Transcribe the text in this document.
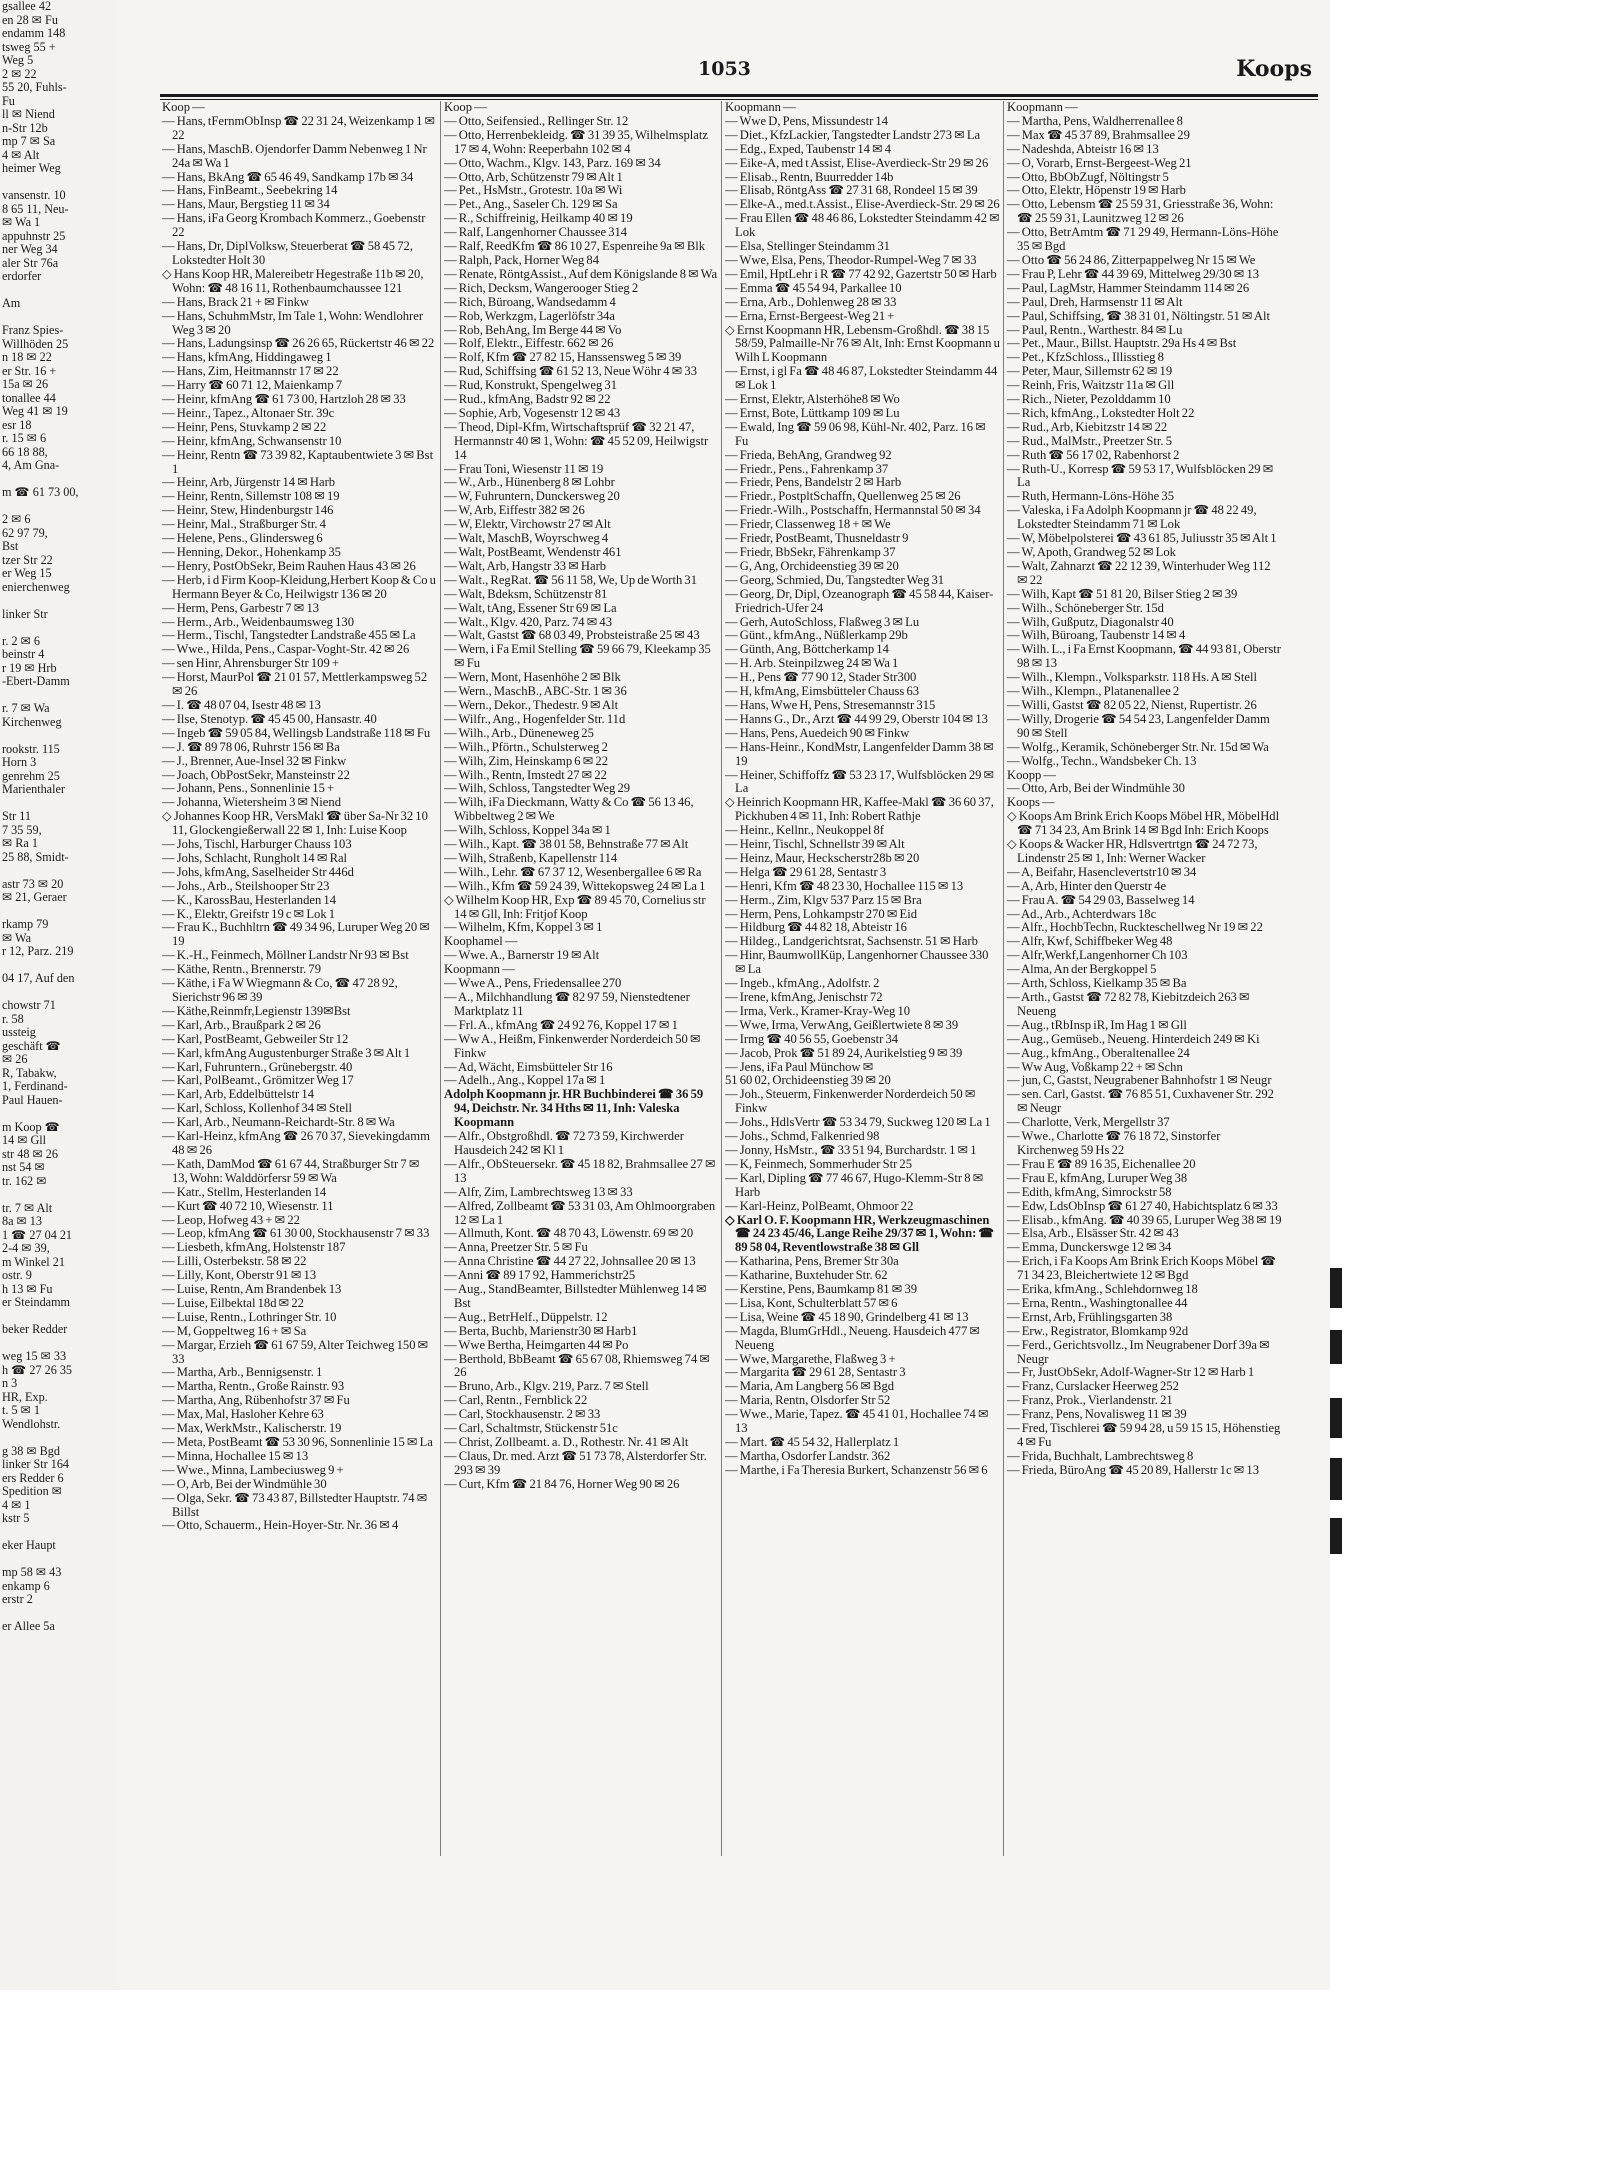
gsallee 42
en 28 ✉ Fu
endamm 148
tsweg 55 +
Weg 5
2 ✉ 22
55 20, Fuhls-
Fu
ll ✉ Niend
n-Str 12b
mp 7 ✉ Sa
4 ✉ Alt
heimer Weg
vansenstr. 10
8 65 11, Neu-
✉ Wa 1
appuhnstr 25
ner Weg 34
aler Str 76a
erdorfer
Am
Franz Spies-
Willhöden 25
n 18 ✉ 22
er Str. 16 +
15a ✉ 26
tonallee 44
Weg 41 ✉ 19
esr 18
r. 15 ✉ 6
66 18 88,
4, Am Gna-
m ☎ 61 73 00,
2 ✉ 6
62 97 79,
Bst
tzer Str 22
er Weg 15
enierchenweg
linker Str
r. 2 ✉ 6
beinstr 4
r 19 ✉ Hrb
-Ebert-Damm
r. 7 ✉ Wa
Kirchenweg
rookstr. 115
Horn 3
genrehm 25
Marienthaler
Str 11
7 35 59,
✉ Ra 1
25 88, Smidt-
astr 73 ✉ 20
✉ 21, Geraer
rkamp 79
✉ Wa
r 12, Parz. 219
04 17, Auf den
chowstr 71
r. 58
ussteig
geschäft ☎
✉ 26
R, Tabakw,
1, Ferdinand-
Paul Hauen-
m Koop ☎
14 ✉ Gll
str 48 ✉ 26
nst 54 ✉
tr. 162 ✉
tr. 7 ✉ Alt
8a ✉ 13
1 ☎ 27 04 21
2-4 ✉ 39,
m Winkel 21
ostr. 9
h 13 ✉ Fu
er Steindamm
beker Redder
weg 15 ✉ 33
h ☎ 27 26 35
n 3
HR, Exp.
t. 5 ✉ 1
Wendlohstr.
g 38 ✉ Bgd
linker Str 164
ers Redder 6
Spedition ✉
4 ✉ 1
kstr 5
eker Haupt
mp 58 ✉ 43
enkamp 6
erstr 2
er Allee 5a
1053	Koops
Koop —
— Hans, tFernmObInsp ☎ 22 31 24, Weizenkamp 1 ✉ 22
— Hans, MaschB. Ojendorfer Damm Nebenweg 1 Nr 24a ✉ Wa 1
— Hans, BkAng ☎ 65 46 49, Sandkamp 17b ✉ 34
— Hans, FinBeamt., Seebekring 14
— Hans, Maur, Bergstieg 11 ✉ 34
— Hans, iFa Georg Krombach Kommerz., Goebenstr 22
— Hans, Dr, DiplVolksw, Steuerberat ☎ 58 45 72, Lokstedter Holt 30
◇ Hans Koop HR, Malereibetr Hegestraße 11b ✉ 20, Wohn: ☎ 48 16 11, Rothenbaumchaussee 121
— Hans, Brack 21 + ✉ Finkw
— Hans, SchuhmMstr, Im Tale 1, Wohn: Wendlohrer Weg 3 ✉ 20
— Hans, Ladungsinsp ☎ 26 26 65, Rückertstr 46 ✉ 22
— Hans, kfmAng, Hiddingaweg 1
— Hans, Zim, Heitmannstr 17 ✉ 22
— Harry ☎ 60 71 12, Maienkamp 7
— Heinr, kfmAng ☎ 61 73 00, Hartzloh 28 ✉ 33
— Heinr., Tapez., Altonaer Str. 39c
— Heinr, Pens, Stuvkamp 2 ✉ 22
— Heinr, kfmAng, Schwansenstr 10
— Heinr, Rentn ☎ 73 39 82, Kaptaubentwiete 3 ✉ Bst 1
— Heinr, Arb, Jürgenstr 14 ✉ Harb
— Heinr, Rentn, Sillemstr 108 ✉ 19
— Heinr, Stew, Hindenburgstr 146
— Heinr, Mal., Straßburger Str. 4
— Helene, Pens., Glindersweg 6
— Henning, Dekor., Hohenkamp 35
— Henry, PostObSekr, Beim Rauhen Haus 43 ✉ 26
— Herb, i d Firm Koop-Kleidung,Herbert Koop & Co u Hermann Beyer & Co, Heilwigstr 136 ✉ 20
— Herm, Pens, Garbestr 7 ✉ 13
— Herm., Arb., Weidenbaumsweg 130
— Herm., Tischl, Tangstedter Landstraße 455 ✉ La
— Wwe., Hilda, Pens., Caspar-Voght-Str. 42 ✉ 26
— sen Hinr, Ahrensburger Str 109 +
— Horst, MaurPol ☎ 21 01 57, Mettlerkampsweg 52 ✉ 26
— I. ☎ 48 07 04, Isestr 48 ✉ 13
— Ilse, Stenotyp. ☎ 45 45 00, Hansastr. 40
— Ingeb ☎ 59 05 84, Wellingsb Landstraße 118 ✉ Fu
— J. ☎ 89 78 06, Ruhrstr 156 ✉ Ba
— J., Brenner, Aue-Insel 32 ✉ Finkw
— Joach, ObPostSekr, Mansteinstr 22
— Johann, Pens., Sonnenlinie 15 +
— Johanna, Wietersheim 3 ✉ Niend
◇ Johannes Koop HR, VersMakl ☎ über Sa-Nr 32 10 11, Glockengießerwall 22 ✉ 1, Inh: Luise Koop
— Johs, Tischl, Harburger Chauss 103
— Johs, Schlacht, Rungholt 14 ✉ Ral
— Johs, kfmAng, Saselheider Str 446d
— Johs., Arb., Steilshooper Str 23
— K., KarossBau, Hesterlanden 14
— K., Elektr, Greifstr 19 c ✉ Lok 1
— Frau K., Buchhltrn ☎ 49 34 96, Luruper Weg 20 ✉ 19
— K.-H., Feinmech, Möllner Landstr Nr 93 ✉ Bst
— Käthe, Rentn., Brennerstr. 79
— Käthe, i Fa W Wiegmann & Co, ☎ 47 28 92, Sierichstr 96 ✉ 39
— Käthe,Reinmfr,Legienstr 139✉Bst
— Karl, Arb., Braußpark 2 ✉ 26
— Karl, PostBeamt, Gebweiler Str 12
— Karl, kfmAng Augustenburger Straße 3 ✉ Alt 1
— Karl, Fuhruntern., Grünebergstr. 40
— Karl, PolBeamt., Grömitzer Weg 17
— Karl, Arb, Eddelbüttelstr 14
— Karl, Schloss, Kollenhof 34 ✉ Stell
— Karl, Arb., Neumann-Reichardt-Str. 8 ✉ Wa
— Karl-Heinz, kfmAng ☎ 26 70 37, Sievekingdamm 48 ✉ 26
— Kath, DamMod ☎ 61 67 44, Straßburger Str 7 ✉ 13, Wohn: Walddörfersr 59 ✉ Wa
— Katr., Stellm, Hesterlanden 14
— Kurt ☎ 40 72 10, Wiesenstr. 11
— Leop, Hofweg 43 + ✉ 22
— Leop, kfmAng ☎ 61 30 00, Stockhausenstr 7 ✉ 33
— Liesbeth, kfmAng, Holstenstr 187
— Lilli, Osterbekstr. 58 ✉ 22
— Lilly, Kont, Oberstr 91 ✉ 13
— Luise, Rentn, Am Brandenbek 13
— Luise, Eilbektal 18d ✉ 22
— Luise, Rentn., Lothringer Str. 10
— M, Goppeltweg 16 + ✉ Sa
— Margar, Erzieh ☎ 61 67 59, Alter Teichweg 150 ✉ 33
— Martha, Arb., Bennigsenstr. 1
— Martha, Rentn., Große Rainstr. 93
— Martha, Ang, Rübenhofstr 37 ✉ Fu
— Max, Mal, Hasloher Kehre 63
— Max, WerkMstr., Kalischerstr. 19
— Meta, PostBeamt ☎ 53 30 96, Sonnenlinie 15 ✉ La
— Minna, Hochallee 15 ✉ 13
— Wwe., Minna, Lambeciusweg 9 +
— O, Arb, Bei der Windmühle 30
— Olga, Sekr. ☎ 73 43 87, Billstedter Hauptstr. 74 ✉ Billst
— Otto, Schauerm., Hein-Hoyer-Str. Nr. 36 ✉ 4
Koop —
— Otto, Seifensied., Rellinger Str. 12
— Otto, Herrenbekleidg. ☎ 31 39 35, Wilhelmsplatz 17 ✉ 4, Wohn: Reeperbahn 102 ✉ 4
— Otto, Wachm., Klgv. 143, Parz. 169 ✉ 34
— Otto, Arb, Schützenstr 79 ✉ Alt 1
— Pet., HsMstr., Grotestr. 10a ✉ Wi
— Pet., Ang., Saseler Ch. 129 ✉ Sa
— R., Schiffreinig, Heilkamp 40 ✉ 19
— Ralf, Langenhorner Chaussee 314
— Ralf, ReedKfm ☎ 86 10 27, Espenreihe 9a ✉ Blk
— Ralph, Pack, Horner Weg 84
— Renate, RöntgAssist., Auf dem Königslande 8 ✉ Wa
— Rich, Decksm, Wangerooger Stieg 2
— Rich, Büroang, Wandsedamm 4
— Rob, Werkzgm, Lagerlöfstr 34a
— Rob, BehAng, Im Berge 44 ✉ Vo
— Rolf, Elektr., Eiffestr. 662 ✉ 26
— Rolf, Kfm ☎ 27 82 15, Hanssensweg 5 ✉ 39
— Rud, Schiffsing ☎ 61 52 13, Neue Wöhr 4 ✉ 33
— Rud, Konstrukt, Spengelweg 31
— Rud., kfmAng, Badstr 92 ✉ 22
— Sophie, Arb, Vogesenstr 12 ✉ 43
— Theod, Dipl-Kfm, Wirtschaftsprüf ☎ 32 21 47, Hermannstr 40 ✉ 1, Wohn: ☎ 45 52 09, Heilwigstr 14
— Frau Toni, Wiesenstr 11 ✉ 19
— W., Arb., Hünenberg 8 ✉ Lohbr
— W, Fuhruntern, Dunckersweg 20
— W, Arb, Eiffestr 382 ✉ 26
— W, Elektr, Virchowstr 27 ✉ Alt
— Walt, MaschB, Woyrschweg 4
— Walt, PostBeamt, Wendenstr 461
— Walt, Arb, Hangstr 33 ✉ Harb
— Walt., RegRat. ☎ 56 11 58, We, Up de Worth 31
— Walt, Bdeksm, Schützenstr 81
— Walt, tAng, Essener Str 69 ✉ La
— Walt., Klgv. 420, Parz. 74 ✉ 43
— Walt, Gastst ☎ 68 03 49, Probsteistraße 25 ✉ 43
— Wern, i Fa Emil Stelling ☎ 59 66 79, Kleekamp 35 ✉ Fu
— Wern, Mont, Hasenhöhe 2 ✉ Blk
— Wern., MaschB., ABC-Str. 1 ✉ 36
— Wern., Dekor., Thedestr. 9 ✉ Alt
— Wilfr., Ang., Hogenfelder Str. 11d
— Wilh., Arb., Düneneweg 25
— Wilh., Pförtn., Schulsterweg 2
— Wilh, Zim, Heinskamp 6 ✉ 22
— Wilh., Rentn, Imstedt 27 ✉ 22
— Wilh, Schloss, Tangstedter Weg 29
— Wilh, iFa Dieckmann, Watty & Co ☎ 56 13 46, Wibbeltweg 2 ✉ We
— Wilh, Schloss, Koppel 34a ✉ 1
— Wilh., Kapt. ☎ 38 01 58, Behnstraße 77 ✉ Alt
— Wilh, Straßenb, Kapellenstr 114
— Wilh., Lehr. ☎ 67 37 12, Wesenbergallee 6 ✉ Ra
— Wilh., Kfm ☎ 59 24 39, Wittekopsweg 24 ✉ La 1
◇ Wilhelm Koop HR, Exp ☎ 89 45 70, Cornelius str 14 ✉ Gll, Inh: Fritjof Koop
— Wilhelm, Kfm, Koppel 3 ✉ 1
Koophamel —
— Wwe. A., Barnerstr 19 ✉ Alt
Koopmann —
— Wwe A., Pens, Friedensallee 270
— A., Milchhandlung ☎ 82 97 59, Nienstedtener Marktplatz 11
— Frl. A., kfmAng ☎ 24 92 76, Koppel 17 ✉ 1
— Ww A., Heißm, Finkenwerder Norderdeich 50 ✉ Finkw
— Ad, Wächt, Eimsbütteler Str 16
— Adelh., Ang., Koppel 17a ✉ 1
Adolph Koopmann jr. HR Buchbinderei ☎ 36 59 94, Deichstr. Nr. 34 Hths ✉ 11, Inh: Valeska Koopmann
— Alfr., Obstgroßhdl. ☎ 72 73 59, Kirchwerder Hausdeich 242 ✉ Kl 1
— Alfr., ObSteuersekr. ☎ 45 18 82, Brahmsallee 27 ✉ 13
— Alfr, Zim, Lambrechtsweg 13 ✉ 33
— Alfred, Zollbeamt ☎ 53 31 03, Am Ohlmoorgraben 12 ✉ La 1
— Allmuth, Kont. ☎ 48 70 43, Löwenstr. 69 ✉ 20
— Anna, Preetzer Str. 5 ✉ Fu
— Anna Christine ☎ 44 27 22, Johnsallee 20 ✉ 13
— Anni ☎ 89 17 92, Hammerichstr25
— Aug., StandBeamter, Billstedter Mühlenweg 14 ✉ Bst
— Aug., BetrHelf., Düppelstr. 12
— Berta, Buchb, Marienstr30 ✉ Harb1
— Wwe Bertha, Heimgarten 44 ✉ Po
— Berthold, BbBeamt ☎ 65 67 08, Rhiemsweg 74 ✉ 26
— Bruno, Arb., Klgv. 219, Parz. 7 ✉ Stell
— Carl, Rentn., Fernblick 22
— Carl, Stockhausenstr. 2 ✉ 33
— Carl, Schaltmstr, Stückenstr 51c
— Christ, Zollbeamt. a. D., Rothestr. Nr. 41 ✉ Alt
— Claus, Dr. med. Arzt ☎ 51 73 78, Alsterdorfer Str. 293 ✉ 39
— Curt, Kfm ☎ 21 84 76, Horner Weg 90 ✉ 26
Koopmann —
— Wwe D, Pens, Missundestr 14
— Diet., KfzLackier, Tangstedter Landstr 273 ✉ La
— Edg., Exped, Taubenstr 14 ✉ 4
— Eike-A, med t Assist, Elise-Averdieck-Str 29 ✉ 26
— Elisab., Rentn, Buurredder 14b
— Elisab, RöntgAss ☎ 27 31 68, Rondeel 15 ✉ 39
— Elke-A., med.t.Assist., Elise-Averdieck-Str. 29 ✉ 26
— Frau Ellen ☎ 48 46 86, Lokstedter Steindamm 42 ✉ Lok
— Elsa, Stellinger Steindamm 31
— Wwe, Elsa, Pens, Theodor-Rumpel-Weg 7 ✉ 33
— Emil, HptLehr i R ☎ 77 42 92, Gazertstr 50 ✉ Harb
— Emma ☎ 45 54 94, Parkallee 10
— Erna, Arb., Dohlenweg 28 ✉ 33
— Erna, Ernst-Bergeest-Weg 21 +
◇ Ernst Koopmann HR, Lebensm-Großhdl. ☎ 38 15 58/59, Palmaille-Nr 76 ✉ Alt, Inh: Ernst Koopmann u Wilh L Koopmann
— Ernst, i gl Fa ☎ 48 46 87, Lokstedter Steindamm 44 ✉ Lok 1
— Ernst, Elektr, Alsterhöhe8 ✉ Wo
— Ernst, Bote, Lüttkamp 109 ✉ Lu
— Ewald, Ing ☎ 59 06 98, Kühl-Nr. 402, Parz. 16 ✉ Fu
— Frieda, BehAng, Grandweg 92
— Friedr., Pens., Fahrenkamp 37
— Friedr, Pens, Bandelstr 2 ✉ Harb
— Friedr., PostpltSchaffn, Quellenweg 25 ✉ 26
— Friedr.-Wilh., Postschaffn, Hermannstal 50 ✉ 34
— Friedr, Classenweg 18 + ✉ We
— Friedr, PostBeamt, Thusneldastr 9
— Friedr, BbSekr, Fährenkamp 37
— G, Ang, Orchideenstieg 39 ✉ 20
— Georg, Schmied, Du, Tangstedter Weg 31
— Georg, Dr, Dipl, Ozeanograph ☎ 45 58 44, Kaiser-Friedrich-Ufer 24
— Gerh, AutoSchloss, Flaßweg 3 ✉ Lu
— Günt., kfmAng., Nüßlerkamp 29b
— Günth, Ang, Böttcherkamp 14
— H. Arb. Steinpilzweg 24 ✉ Wa 1
— H., Pens ☎ 77 90 12, Stader Str300
— H, kfmAng, Eimsbütteler Chauss 63
— Hans, Wwe H, Pens, Stresemannstr 315
— Hanns G., Dr., Arzt ☎ 44 99 29, Oberstr 104 ✉ 13
— Hans, Pens, Auedeich 90 ✉ Finkw
— Hans-Heinr., KondMstr, Langenfelder Damm 38 ✉ 19
— Heiner, Schiffoffz ☎ 53 23 17, Wulfsblöcken 29 ✉ La
◇ Heinrich Koopmann HR, Kaffee-Makl ☎ 36 60 37, Pickhuben 4 ✉ 11, Inh: Robert Rathje
— Heinr., Kellnr., Neukoppel 8f
— Heinr, Tischl, Schnellstr 39 ✉ Alt
— Heinz, Maur, Heckscherstr28b ✉ 20
— Helga ☎ 29 61 28, Sentastr 3
— Henri, Kfm ☎ 48 23 30, Hochallee 115 ✉ 13
— Herm., Zim, Klgv 537 Parz 15 ✉ Bra
— Herm, Pens, Lohkampstr 270 ✉ Eid
— Hildburg ☎ 44 82 18, Abteistr 16
— Hildeg., Landgerichtsrat, Sachsenstr. 51 ✉ Harb
— Hinr, BaumwollKüp, Langenhorner Chaussee 330 ✉ La
— Ingeb., kfmAng., Adolfstr. 2
— Irene, kfmAng, Jenischstr 72
— Irma, Verk., Kramer-Kray-Weg 10
— Wwe, Irma, VerwAng, Geißlertwiete 8 ✉ 39
— Irmg ☎ 40 56 55, Goebenstr 34
— Jacob, Prok ☎ 51 89 24, Aurikelstieg 9 ✉ 39
— Jens, iFa Paul Münchow ✉
51 60 02, Orchideenstieg 39 ✉ 20
— Joh., Steuerm, Finkenwerder Norderdeich 50 ✉ Finkw
— Johs., HdlsVertr ☎ 53 34 79, Suckweg 120 ✉ La 1
— Johs., Schmd, Falkenried 98
— Jonny, HsMstr., ☎ 33 51 94, Burchardstr. 1 ✉ 1
— K, Feinmech, Sommerhuder Str 25
— Karl, Dipling ☎ 77 46 67, Hugo-Klemm-Str 8 ✉ Harb
— Karl-Heinz, PolBeamt, Ohmoor 22
◇ Karl O. F. Koopmann HR, Werkzeugmaschinen ☎ 24 23 45/46, Lange Reihe 29/37 ✉ 1, Wohn: ☎ 89 58 04, Reventlowstraße 38 ✉ Gll
— Katharina, Pens, Bremer Str 30a
— Katharine, Buxtehuder Str. 62
— Kerstine, Pens, Baumkamp 81 ✉ 39
— Lisa, Kont, Schulterblatt 57 ✉ 6
— Lisa, Weine ☎ 45 18 90, Grindelberg 41 ✉ 13
— Magda, BlumGrHdl., Neueng. Hausdeich 477 ✉ Neueng
— Wwe, Margarethe, Flaßweg 3 +
— Margarita ☎ 29 61 28, Sentastr 3
— Maria, Am Langberg 56 ✉ Bgd
— Maria, Rentn, Olsdorfer Str 52
— Wwe., Marie, Tapez. ☎ 45 41 01, Hochallee 74 ✉ 13
— Mart. ☎ 45 54 32, Hallerplatz 1
— Martha, Osdorfer Landstr. 362
— Marthe, i Fa Theresia Burkert, Schanzenstr 56 ✉ 6
Koopmann —
— Martha, Pens, Waldherrenallee 8
— Max ☎ 45 37 89, Brahmsallee 29
— Nadeshda, Abteistr 16 ✉ 13
— O, Vorarb, Ernst-Bergeest-Weg 21
— Otto, BbObZugf, Nöltingstr 5
— Otto, Elektr, Höpenstr 19 ✉ Harb
— Otto, Lebensm ☎ 25 59 31, Griesstraße 36, Wohn: ☎ 25 59 31, Launitzweg 12 ✉ 26
— Otto, BetrAmtm ☎ 71 29 49, Hermann-Löns-Höhe 35 ✉ Bgd
— Otto ☎ 56 24 86, Zitterpappelweg Nr 15 ✉ We
— Frau P, Lehr ☎ 44 39 69, Mittelweg 29/30 ✉ 13
— Paul, LagMstr, Hammer Steindamm 114 ✉ 26
— Paul, Dreh, Harmsenstr 11 ✉ Alt
— Paul, Schiffsing, ☎ 38 31 01, Nöltingstr. 51 ✉ Alt
— Paul, Rentn., Warthestr. 84 ✉ Lu
— Pet., Maur., Billst. Hauptstr. 29a Hs 4 ✉ Bst
— Pet., KfzSchloss., Illisstieg 8
— Peter, Maur, Sillemstr 62 ✉ 19
— Reinh, Fris, Waitzstr 11a ✉ Gll
— Rich., Nieter, Pezolddamm 10
— Rich, kfmAng., Lokstedter Holt 22
— Rud., Arb, Kiebitzstr 14 ✉ 22
— Rud., MalMstr., Preetzer Str. 5
— Ruth ☎ 56 17 02, Rabenhorst 2
— Ruth-U., Korresp ☎ 59 53 17, Wulfsblöcken 29 ✉ La
— Ruth, Hermann-Löns-Höhe 35
— Valeska, i Fa Adolph Koopmann jr ☎ 48 22 49, Lokstedter Steindamm 71 ✉ Lok
— W, Möbelpolsterei ☎ 43 61 85, Juliusstr 35 ✉ Alt 1
— W, Apoth, Grandweg 52 ✉ Lok
— Walt, Zahnarzt ☎ 22 12 39, Winterhuder Weg 112 ✉ 22
— Wilh, Kapt ☎ 51 81 20, Bilser Stieg 2 ✉ 39
— Wilh., Schöneberger Str. 15d
— Wilh, Gußputz, Diagonalstr 40
— Wilh, Büroang, Taubenstr 14 ✉ 4
— Wilh. L., i Fa Ernst Koopmann, ☎ 44 93 81, Oberstr 98 ✉ 13
— Wilh., Klempn., Volksparkstr. 118 Hs. A ✉ Stell
— Wilh., Klempn., Platanenallee 2
— Willi, Gastst ☎ 82 05 22, Nienst, Rupertistr. 26
— Willy, Drogerie ☎ 54 54 23, Langenfelder Damm 90 ✉ Stell
— Wolfg., Keramik, Schöneberger Str. Nr. 15d ✉ Wa
— Wolfg., Techn., Wandsbeker Ch. 13
Koopp —
— Otto, Arb, Bei der Windmühle 30
Koops —
◇ Koops Am Brink Erich Koops Möbel HR, MöbelHdl ☎ 71 34 23, Am Brink 14 ✉ Bgd Inh: Erich Koops
◇ Koops & Wacker HR, Hdlsvertrtgn ☎ 24 72 73, Lindenstr 25 ✉ 1, Inh: Werner Wacker
— A, Beifahr, Hasenclevertstr10 ✉ 34
— A, Arb, Hinter den Querstr 4e
— Frau A. ☎ 54 29 03, Basselweg 14
— Ad., Arb., Achterdwars 18c
— Alfr., HochbTechn, Ruckteschellweg Nr 19 ✉ 22
— Alfr, Kwf, Schiffbeker Weg 48
— Alfr,Werkf,Langenhorner Ch 103
— Alma, An der Bergkoppel 5
— Arth, Schloss, Kielkamp 35 ✉ Ba
— Arth., Gastst ☎ 72 82 78, Kiebitzdeich 263 ✉ Neueng
— Aug., tRbInsp iR, Im Hag 1 ✉ Gll
— Aug., Gemüseb., Neueng. Hinterdeich 249 ✉ Ki
— Aug., kfmAng., Oberaltenallee 24
— Ww Aug, Voßkamp 22 + ✉ Schn
— jun, C, Gastst, Neugrabener Bahnhofstr 1 ✉ Neugr
— sen. Carl, Gastst. ☎ 76 85 51, Cuxhavener Str. 292 ✉ Neugr
— Charlotte, Verk, Mergellstr 37
— Wwe., Charlotte ☎ 76 18 72, Sinstorfer Kirchenweg 59 Hs 22
— Frau E ☎ 89 16 35, Eichenallee 20
— Frau E, kfmAng, Luruper Weg 38
— Edith, kfmAng, Simrockstr 58
— Edw, LdsObInsp ☎ 61 27 40, Habichtsplatz 6 ✉ 33
— Elisab., kfmAng. ☎ 40 39 65, Luruper Weg 38 ✉ 19
— Elsa, Arb., Elsässer Str. 42 ✉ 43
— Emma, Dunckerswge 12 ✉ 34
— Erich, i Fa Koops Am Brink Erich Koops Möbel ☎ 71 34 23, Bleichertwiete 12 ✉ Bgd
— Erika, kfmAng., Schlehdornweg 18
— Erna, Rentn., Washingtonallee 44
— Ernst, Arb, Frühlingsgarten 38
— Erw., Registrator, Blomkamp 92d
— Ferd., Gerichtsvollz., Im Neugrabener Dorf 39a ✉ Neugr
— Fr, JustObSekr, Adolf-Wagner-Str 12 ✉ Harb 1
— Franz, Curslacker Heerweg 252
— Franz, Prok., Vierlandenstr. 21
— Franz, Pens, Novalisweg 11 ✉ 39
— Fred, Tischlerei ☎ 59 94 28, u 59 15 15, Höhenstieg 4 ✉ Fu
— Frida, Buchhalt, Lambrechtsweg 8
— Frieda, BüroAng ☎ 45 20 89, Hallerstr 1c ✉ 13
